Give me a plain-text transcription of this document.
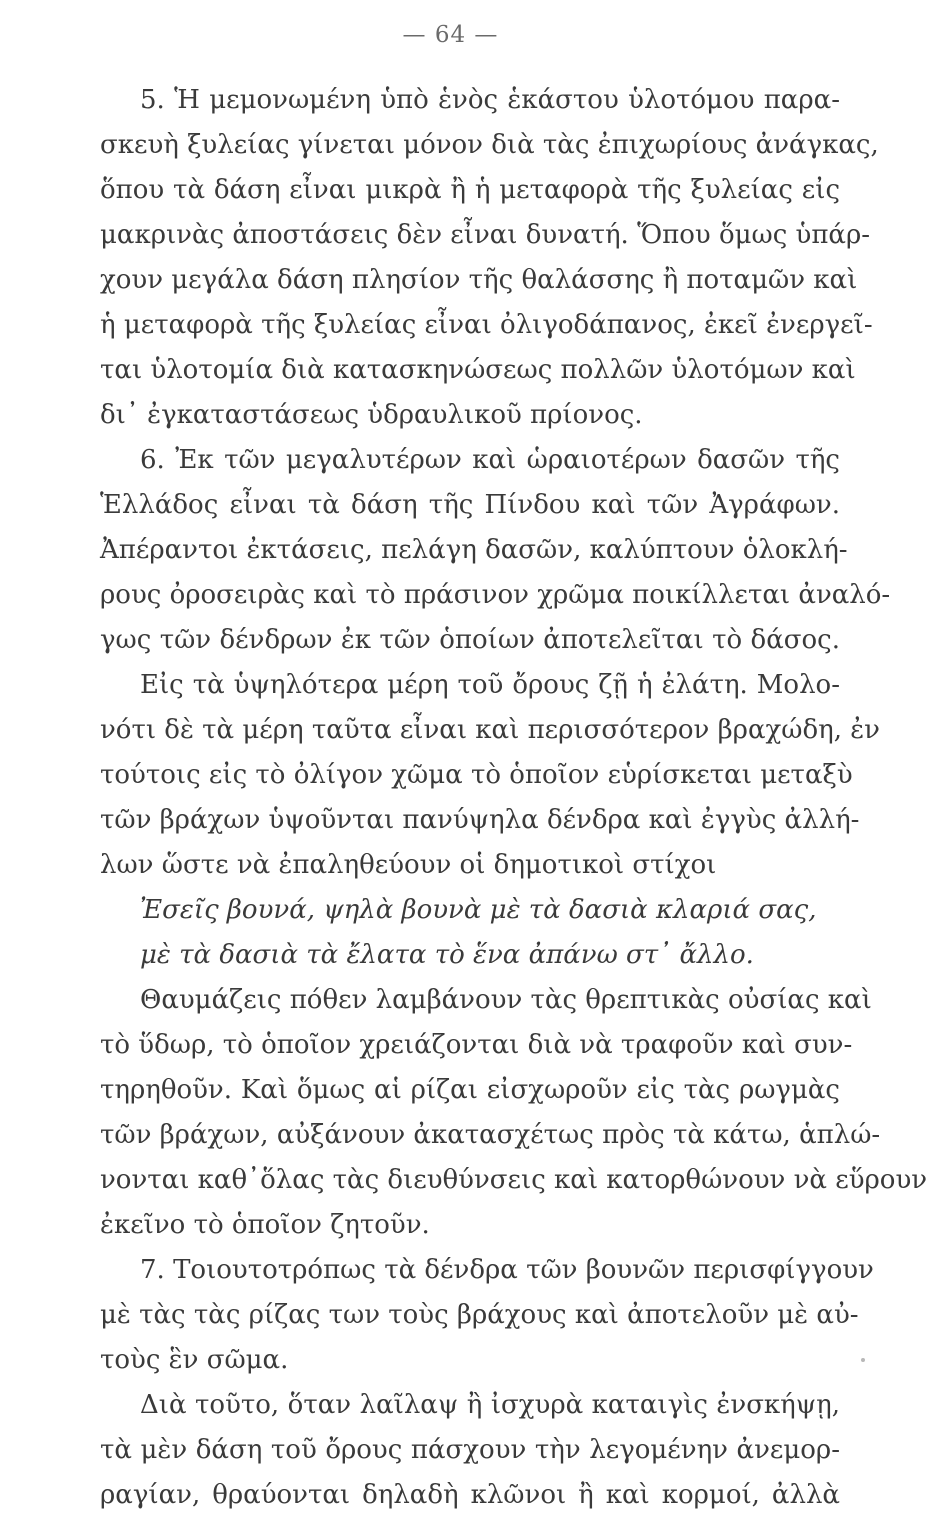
— 64 —
5. Ἡ μεμονωμένη ὑπὸ ἑνὸς ἑκάστου ὑλοτόμου παρα-
σκευὴ ξυλείας γίνεται μόνον διὰ τὰς ἐπιχωρίους ἀνάγκας,
ὅπου τὰ δάση εἶναι μικρὰ ἢ ἡ μεταφορὰ τῆς ξυλείας εἰς
μακρινὰς ἀποστάσεις δὲν εἶναι δυνατή. Ὅπου ὅμως ὑπάρ-
χουν μεγάλα δάση πλησίον τῆς θαλάσσης ἢ ποταμῶν καὶ
ἡ μεταφορὰ τῆς ξυλείας εἶναι ὀλιγοδάπανος, ἐκεῖ ἐνεργεῖ-
ται ὑλοτομία διὰ κατασκηνώσεως πολλῶν ὑλοτόμων καὶ
δι᾽ ἐγκαταστάσεως ὑδραυλικοῦ πρίονος.
6. Ἐκ τῶν μεγαλυτέρων καὶ ὡραιοτέρων δασῶν τῆς
Ἑλλάδος εἶναι τὰ δάση τῆς Πίνδου καὶ τῶν Ἀγράφων.
Ἀπέραντοι ἐκτάσεις, πελάγη δασῶν, καλύπτουν ὁλοκλή-
ρους ὀροσειρὰς καὶ τὸ πράσινον χρῶμα ποικίλλεται ἀναλό-
γως τῶν δένδρων ἐκ τῶν ὁποίων ἀποτελεῖται τὸ δάσος.
Εἰς τὰ ὑψηλότερα μέρη τοῦ ὄρους ζῇ ἡ ἐλάτη. Μολο-
νότι δὲ τὰ μέρη ταῦτα εἶναι καὶ περισσότερον βραχώδη, ἐν
τούτοις εἰς τὸ ὀλίγον χῶμα τὸ ὁποῖον εὑρίσκεται μεταξὺ
τῶν βράχων ὑψοῦνται πανύψηλα δένδρα καὶ ἐγγὺς ἀλλή-
λων ὥστε νὰ ἐπαληθεύουν οἱ δημοτικοὶ στίχοι
Ἐσεῖς βουνά, ψηλὰ βουνὰ μὲ τὰ δασιὰ κλαριά σας,
μὲ τὰ δασιὰ τὰ ἔλατα τὸ ἕνα ἀπάνω στ᾽ ἄλλο.
Θαυμάζεις πόθεν λαμβάνουν τὰς θρεπτικὰς οὐσίας καὶ
τὸ ὕδωρ, τὸ ὁποῖον χρειάζονται διὰ νὰ τραφοῦν καὶ συν-
τηρηθοῦν. Καὶ ὅμως αἱ ρίζαι εἰσχωροῦν εἰς τὰς ρωγμὰς
τῶν βράχων, αὐξάνουν ἀκατασχέτως πρὸς τὰ κάτω, ἁπλώ-
νονται καθ᾽ὅλας τὰς διευθύνσεις καὶ κατορθώνουν νὰ εὕρουν
ἐκεῖνο τὸ ὁποῖον ζητοῦν.
7. Τοιουτοτρόπως τὰ δένδρα τῶν βουνῶν περισφίγγουν
μὲ τὰς τὰς ρίζας των τοὺς βράχους καὶ ἀποτελοῦν μὲ αὐ-
τοὺς ἓν σῶμα.
Διὰ τοῦτο, ὅταν λαῖλαψ ἢ ἰσχυρὰ καταιγὶς ἐνσκήψῃ,
τὰ μὲν δάση τοῦ ὄρους πάσχουν τὴν λεγομένην ἀνεμορ-
ραγίαν, θραύονται δηλαδὴ κλῶνοι ἢ καὶ κορμοί, ἀλλὰ
